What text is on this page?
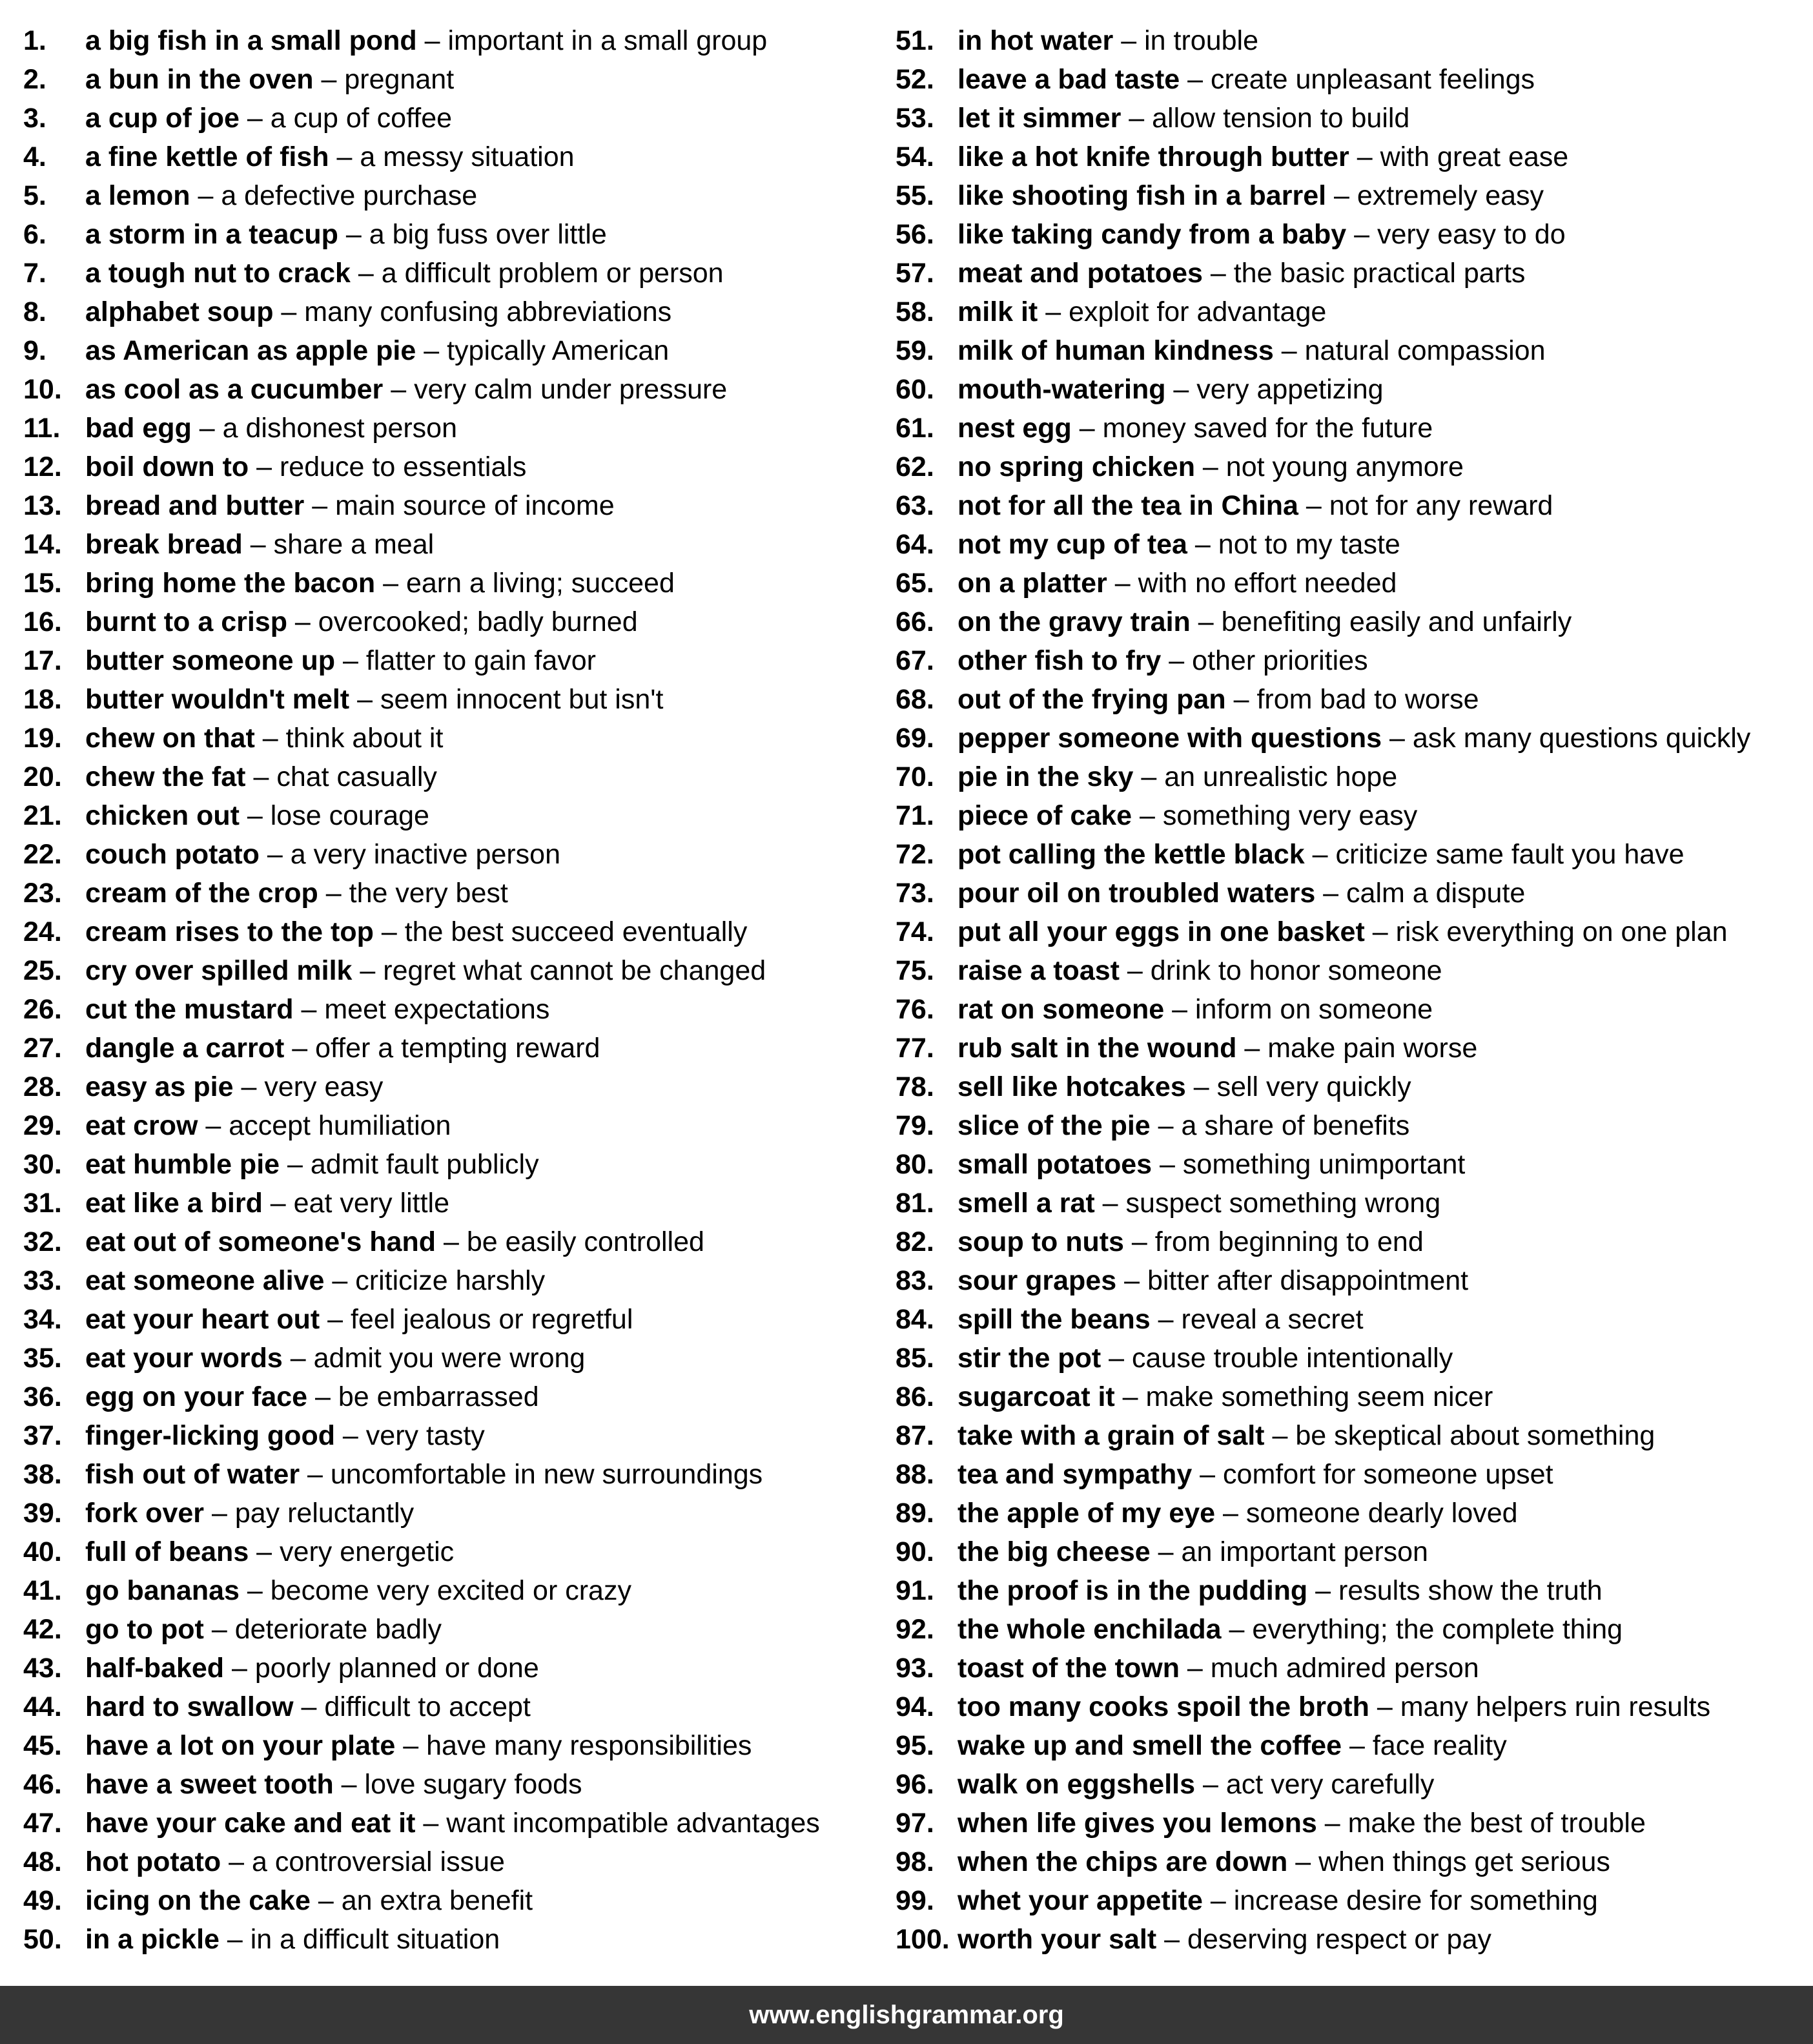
1. a big fish in a small pond – important in a small group
2. a bun in the oven – pregnant
3. a cup of joe – a cup of coffee
4. a fine kettle of fish – a messy situation
5. a lemon – a defective purchase
6. a storm in a teacup – a big fuss over little
7. a tough nut to crack – a difficult problem or person
8. alphabet soup – many confusing abbreviations
9. as American as apple pie – typically American
10. as cool as a cucumber – very calm under pressure
11. bad egg – a dishonest person
12. boil down to – reduce to essentials
13. bread and butter – main source of income
14. break bread – share a meal
15. bring home the bacon – earn a living; succeed
16. burnt to a crisp – overcooked; badly burned
17. butter someone up – flatter to gain favor
18. butter wouldn't melt – seem innocent but isn't
19. chew on that – think about it
20. chew the fat – chat casually
21. chicken out – lose courage
22. couch potato – a very inactive person
23. cream of the crop – the very best
24. cream rises to the top – the best succeed eventually
25. cry over spilled milk – regret what cannot be changed
26. cut the mustard – meet expectations
27. dangle a carrot – offer a tempting reward
28. easy as pie – very easy
29. eat crow – accept humiliation
30. eat humble pie – admit fault publicly
31. eat like a bird – eat very little
32. eat out of someone's hand – be easily controlled
33. eat someone alive – criticize harshly
34. eat your heart out – feel jealous or regretful
35. eat your words – admit you were wrong
36. egg on your face – be embarrassed
37. finger-licking good – very tasty
38. fish out of water – uncomfortable in new surroundings
39. fork over – pay reluctantly
40. full of beans – very energetic
41. go bananas – become very excited or crazy
42. go to pot – deteriorate badly
43. half-baked – poorly planned or done
44. hard to swallow – difficult to accept
45. have a lot on your plate – have many responsibilities
46. have a sweet tooth – love sugary foods
47. have your cake and eat it – want incompatible advantages
48. hot potato – a controversial issue
49. icing on the cake – an extra benefit
50. in a pickle – in a difficult situation
51. in hot water – in trouble
52. leave a bad taste – create unpleasant feelings
53. let it simmer – allow tension to build
54. like a hot knife through butter – with great ease
55. like shooting fish in a barrel – extremely easy
56. like taking candy from a baby – very easy to do
57. meat and potatoes – the basic practical parts
58. milk it – exploit for advantage
59. milk of human kindness – natural compassion
60. mouth-watering – very appetizing
61. nest egg – money saved for the future
62. no spring chicken – not young anymore
63. not for all the tea in China – not for any reward
64. not my cup of tea – not to my taste
65. on a platter – with no effort needed
66. on the gravy train – benefiting easily and unfairly
67. other fish to fry – other priorities
68. out of the frying pan – from bad to worse
69. pepper someone with questions – ask many questions quickly
70. pie in the sky – an unrealistic hope
71. piece of cake – something very easy
72. pot calling the kettle black – criticize same fault you have
73. pour oil on troubled waters – calm a dispute
74. put all your eggs in one basket – risk everything on one plan
75. raise a toast – drink to honor someone
76. rat on someone – inform on someone
77. rub salt in the wound – make pain worse
78. sell like hotcakes – sell very quickly
79. slice of the pie – a share of benefits
80. small potatoes – something unimportant
81. smell a rat – suspect something wrong
82. soup to nuts – from beginning to end
83. sour grapes – bitter after disappointment
84. spill the beans – reveal a secret
85. stir the pot – cause trouble intentionally
86. sugarcoat it – make something seem nicer
87. take with a grain of salt – be skeptical about something
88. tea and sympathy – comfort for someone upset
89. the apple of my eye – someone dearly loved
90. the big cheese – an important person
91. the proof is in the pudding – results show the truth
92. the whole enchilada – everything; the complete thing
93. toast of the town – much admired person
94. too many cooks spoil the broth – many helpers ruin results
95. wake up and smell the coffee – face reality
96. walk on eggshells – act very carefully
97. when life gives you lemons – make the best of trouble
98. when the chips are down – when things get serious
99. whet your appetite – increase desire for something
100. worth your salt – deserving respect or pay
www.englishgrammar.org
